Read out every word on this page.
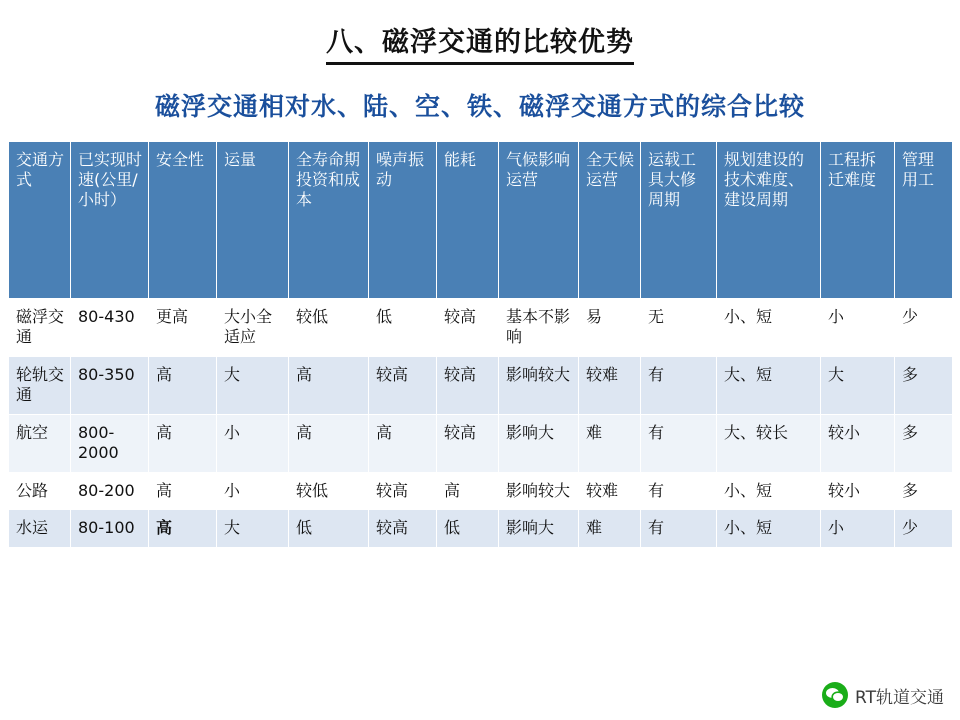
八、磁浮交通的比较优势
磁浮交通相对水、陆、空、铁、磁浮交通方式的综合比较
交通方式	已实现时速(公里/小时）	安全性	运量	全寿命期投资和成本	噪声振动	能耗	气候影响运营	全天候运营	运载工具大修周期	规划建设的技术难度、建设周期	工程拆迁难度	管理用工
磁浮交通	80-430	更高	大小全适应	较低	低	较高	基本不影响	易	无	小、短	小	少
轮轨交通	80-350	高	大	高	较高	较高	影响较大	较难	有	大、短	大	多
航空	800-2000	高	小	高	高	较高	影响大	难	有	大、较长	较小	多
公路	80-200	高	小	较低	较高	高	影响较大	较难	有	小、短	较小	多
水运	80-100	高	大	低	较高	低	影响大	难	有	小、短	小	少
RT轨道交通
